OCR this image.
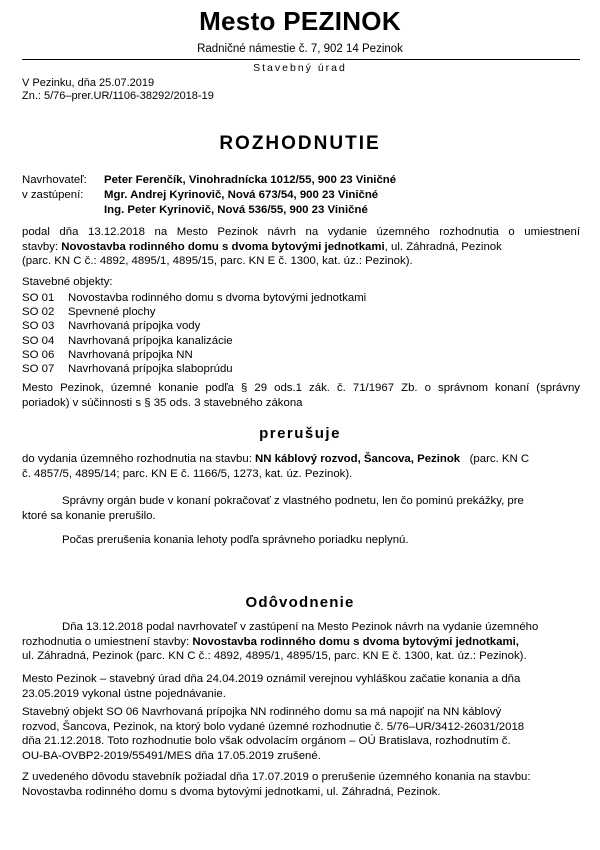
Mesto PEZINOK
Radničné námestie č. 7, 902 14 Pezinok
Stavebný úrad
V Pezinku, dňa 25.07.2019
Zn.: 5/76–prer.UR/1106-38292/2018-19
ROZHODNUTIE
Navrhovateľ: Peter Ferenčík, Vinohradnícka 1012/55, 900 23 Viničné
v zastúpení: Mgr. Andrej Kyrinovič, Nová 673/54, 900 23 Viničné
Ing. Peter Kyrinovič, Nová 536/55, 900 23 Viničné
podal dňa 13.12.2018 na Mesto Pezinok návrh na vydanie územného rozhodnutia o umiestnení
stavby: Novostavba rodinného domu s dvoma bytovými jednotkami, ul. Záhradná, Pezinok
(parc. KN C č.: 4892, 4895/1, 4895/15, parc. KN E č. 1300, kat. úz.: Pezinok).
Stavebné objekty:
SO 01 Novostavba rodinného domu s dvoma bytovými jednotkami
SO 02 Spevnené plochy
SO 03 Navrhovaná prípojka vody
SO 04 Navrhovaná prípojka kanalizácie
SO 06 Navrhovaná prípojka NN
SO 07 Navrhovaná prípojka slaboprúdu
Mesto Pezinok, územné konanie podľa § 29 ods.1 zák. č. 71/1967 Zb. o správnom konaní (správny
poriadok) v súčinnosti s § 35 ods. 3 stavebného zákona
prerušuje
do vydania územného rozhodnutia na stavbu: NN káblový rozvod, Šancova, Pezinok (parc. KN C
č. 4857/5, 4895/14; parc. KN E č. 1166/5, 1273, kat. úz. Pezinok).
Správny orgán bude v konaní pokračovať z vlastného podnetu, len čo pominú prekážky, pre
ktoré sa konanie prerušilo.
Počas prerušenia konania lehoty podľa správneho poriadku neplynú.
Odôvodnenie
Dňa 13.12.2018 podal navrhovateľ v zastúpení na Mesto Pezinok návrh na vydanie územného
rozhodnutia o umiestnení stavby: Novostavba rodinného domu s dvoma bytovými jednotkami,
ul. Záhradná, Pezinok (parc. KN C č.: 4892, 4895/1, 4895/15, parc. KN E č. 1300, kat. úz.: Pezinok).
Mesto Pezinok – stavebný úrad dňa 24.04.2019 oznámil verejnou vyhláškou začatie konania a dňa
23.05.2019 vykonal ústne pojednávanie.
Stavebný objekt SO 06 Navrhovaná prípojka NN rodinného domu sa má napojiť na NN káblový
rozvod, Šancova, Pezinok, na ktorý bolo vydané územné rozhodnutie č. 5/76–UR/3412-26031/2018
dňa 21.12.2018. Toto rozhodnutie bolo však odvolacím orgánom – OÚ Bratislava, rozhodnutím č.
OU-BA-OVBP2-2019/55491/MES dňa 17.05.2019 zrušené.
Z uvedeného dôvodu stavebník požiadal dňa 17.07.2019 o prerušenie územného konania na stavbu:
Novostavba rodinného domu s dvoma bytovými jednotkami, ul. Záhradná, Pezinok.
